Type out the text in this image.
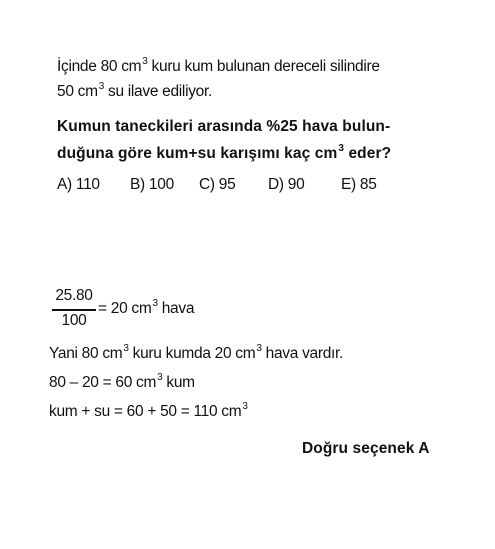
İçinde 80 $cm^3$ kuru kum bulunan dereceli silindire
50 $cm^3$ su ilave ediliyor.
Kumun taneckileri arasında %25 hava bulun-
duğuna göre kum+su karışımı kaç $cm^3$ eder?
A) 110 B) 100 C) 95 D) 90 E) 85
25.80
100
= 20 $cm^3$ hava
Yani 80 $cm^3$ kuru kumda 20 $cm^3$ hava vardır.
80 – 20 = 60 $cm^3$ kum
kum + su = 60 + 50 = 110 $cm^3$
Doğru seçenek A
